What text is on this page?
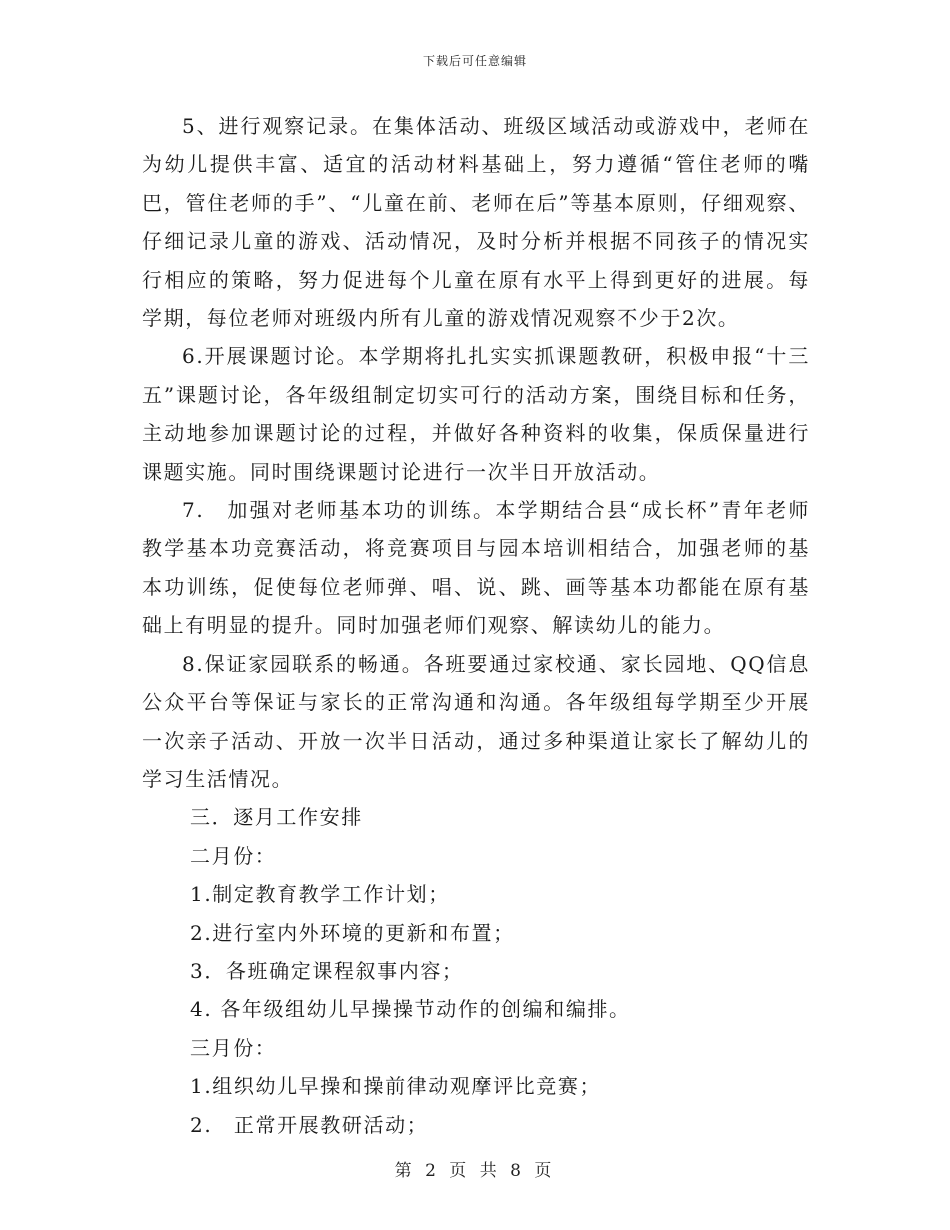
下载后可任意编辑

5、进行观察记录。在集体活动、班级区域活动或游戏中，老师在为幼儿提供丰富、适宜的活动材料基础上，努力遵循“管住老师的嘴巴，管住老师的手”、“儿童在前、老师在后”等基本原则，仔细观察、仔细记录儿童的游戏、活动情况，及时分析并根据不同孩子的情况实行相应的策略，努力促进每个儿童在原有水平上得到更好的进展。每学期，每位老师对班级内所有儿童的游戏情况观察不少于2次。

6.开展课题讨论。本学期将扎扎实实抓课题教研，积极申报“十三五”课题讨论，各年级组制定切实可行的活动方案，围绕目标和任务，主动地参加课题讨论的过程，并做好各种资料的收集，保质保量进行课题实施。同时围绕课题讨论进行一次半日开放活动。

7.　加强对老师基本功的训练。本学期结合县“成长杯”青年老师教学基本功竞赛活动，将竞赛项目与园本培训相结合，加强老师的基本功训练，促使每位老师弹、唱、说、跳、画等基本功都能在原有基础上有明显的提升。同时加强老师们观察、解读幼儿的能力。

8.保证家园联系的畅通。各班要通过家校通、家长园地、QQ信息公众平台等保证与家长的正常沟通和沟通。各年级组每学期至少开展一次亲子活动、开放一次半日活动，通过多种渠道让家长了解幼儿的学习生活情况。

三．逐月工作安排

二月份：

1.制定教育教学工作计划；

2.进行室内外环境的更新和布置；

3．各班确定课程叙事内容；

4. 各年级组幼儿早操操节动作的创编和编排。

三月份：

1.组织幼儿早操和操前律动观摩评比竞赛；

2.　正常开展教研活动；

第 2 页 共 8 页
